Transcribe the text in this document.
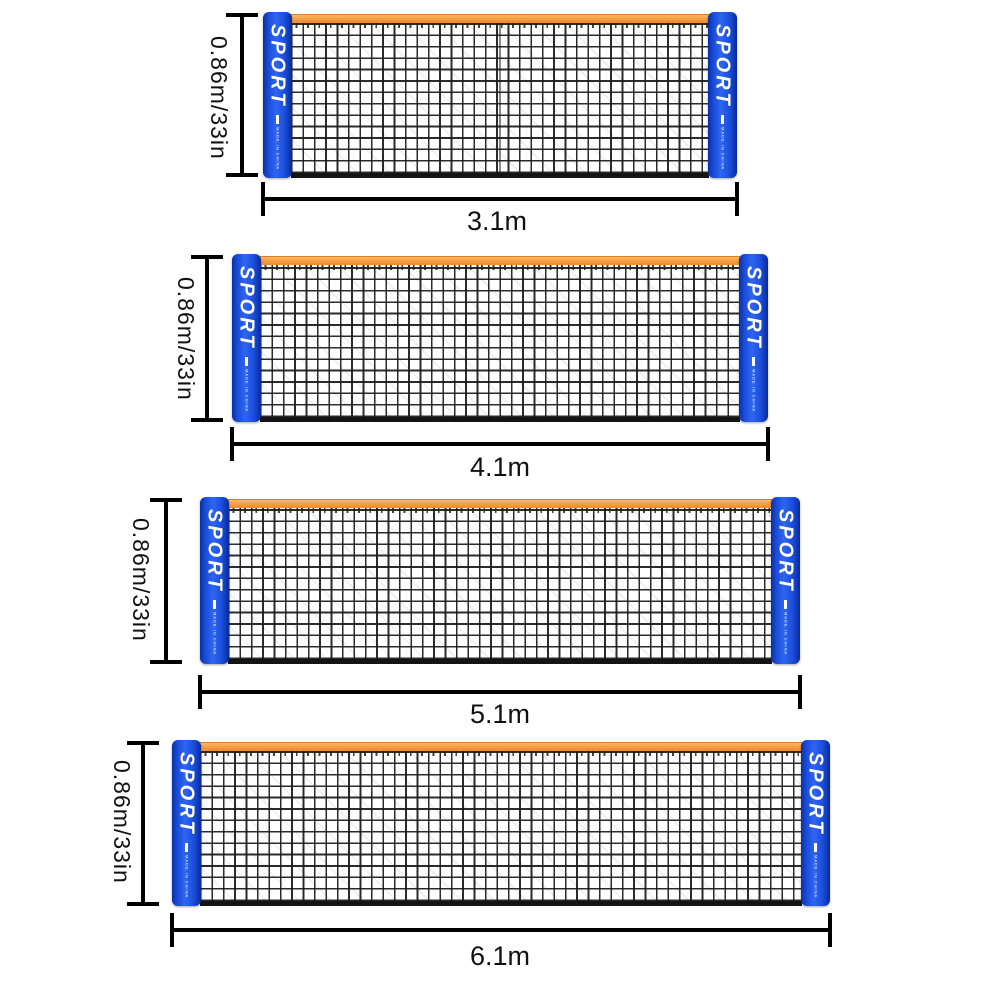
0.86m/33in SPORT
MADE IN CHINA
SPORT
MADE IN CHINA
3.1m
0.86m/33in SPORT
MADE IN CHINA
SPORT
MADE IN CHINA
4.1m
0.86m/33in SPORT
MADE IN CHINA
SPORT
MADE IN CHINA
5.1m
0.86m/33in SPORT
MADE IN CHINA
SPORT
MADE IN CHINA
6.1m
